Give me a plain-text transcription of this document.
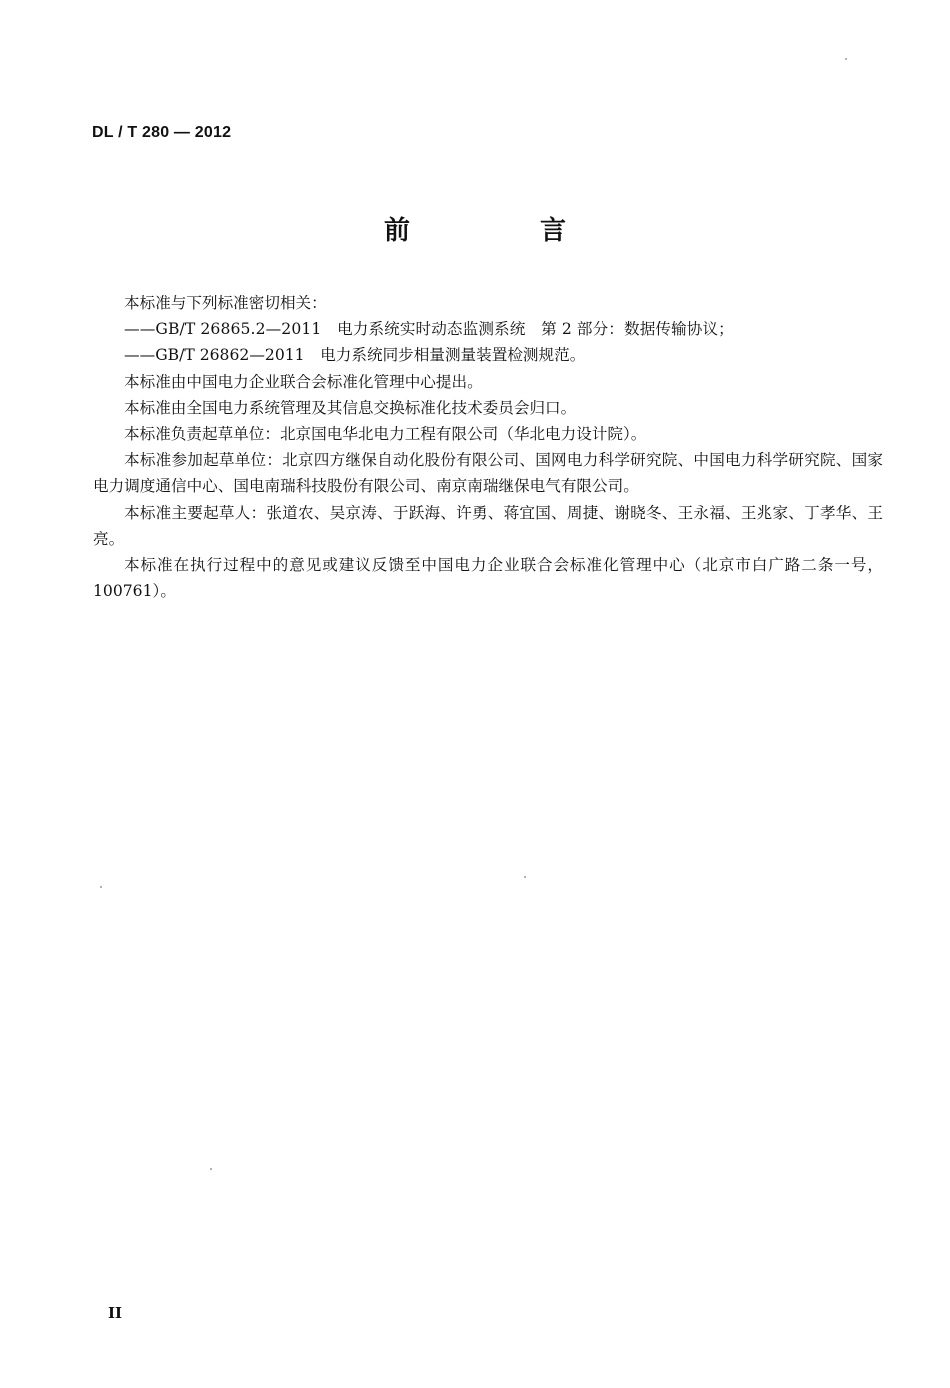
DL / T 280 — 2012
前　言

本标准与下列标准密切相关：

——GB/T 26865.2—2011　电力系统实时动态监测系统　第 2 部分：数据传输协议；

——GB/T 26862—2011　电力系统同步相量测量装置检测规范。

本标准由中国电力企业联合会标准化管理中心提出。

本标准由全国电力系统管理及其信息交换标准化技术委员会归口。

本标准负责起草单位：北京国电华北电力工程有限公司（华北电力设计院）。

本标准参加起草单位：北京四方继保自动化股份有限公司、国网电力科学研究院、中国电力科学研究院、国家电力调度通信中心、国电南瑞科技股份有限公司、南京南瑞继保电气有限公司。

本标准主要起草人：张道农、吴京涛、于跃海、许勇、蒋宜国、周捷、谢晓冬、王永福、王兆家、丁孝华、王亮。

本标准在执行过程中的意见或建议反馈至中国电力企业联合会标准化管理中心（北京市白广路二条一号，100761）。

II
